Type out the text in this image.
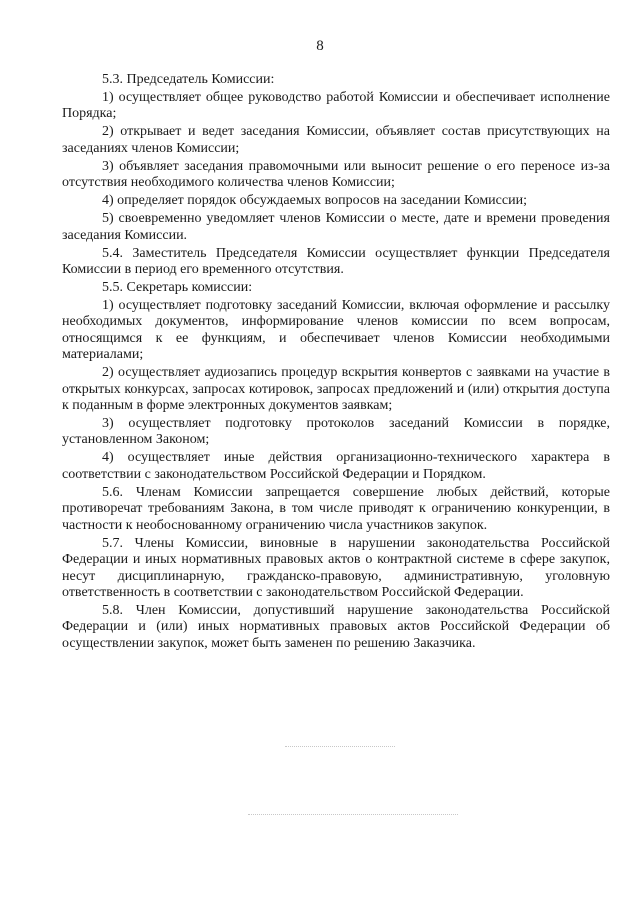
8

5.3. Председатель Комиссии:

1) осуществляет общее руководство работой Комиссии и обеспечивает исполнение Порядка;

2) открывает и ведет заседания Комиссии, объявляет состав присутствующих на заседаниях членов Комиссии;

3) объявляет заседания правомочными или выносит решение о его переносе из-за отсутствия необходимого количества членов Комиссии;

4) определяет порядок обсуждаемых вопросов на заседании Комиссии;

5) своевременно уведомляет членов Комиссии о месте, дате и времени проведения заседания Комиссии.

5.4. Заместитель Председателя Комиссии осуществляет функции Председателя Комиссии в период его временного отсутствия.

5.5. Секретарь комиссии:

1) осуществляет подготовку заседаний Комиссии, включая оформление и рассылку необходимых документов, информирование членов комиссии по всем вопросам, относящимся к ее функциям, и обеспечивает членов Комиссии необходимыми материалами;

2) осуществляет аудиозапись процедур вскрытия конвертов с заявками на участие в открытых конкурсах, запросах котировок, запросах предложений и (или) открытия доступа к поданным в форме электронных документов заявкам;

3) осуществляет подготовку протоколов заседаний Комиссии в порядке, установленном Законом;

4) осуществляет иные действия организационно-технического характера в соответствии с законодательством Российской Федерации и Порядком.

5.6. Членам Комиссии запрещается совершение любых действий, которые противоречат требованиям Закона, в том числе приводят к ограничению конкуренции, в частности к необоснованному ограничению числа участников закупок.

5.7. Члены Комиссии, виновные в нарушении законодательства Российской Федерации и иных нормативных правовых актов о контрактной системе в сфере закупок, несут дисциплинарную, гражданско-правовую, административную, уголовную ответственность в соответствии с законодательством Российской Федерации.

5.8. Член Комиссии, допустивший нарушение законодательства Российской Федерации и (или) иных нормативных правовых актов Российской Федерации об осуществлении закупок, может быть заменен по решению Заказчика.
